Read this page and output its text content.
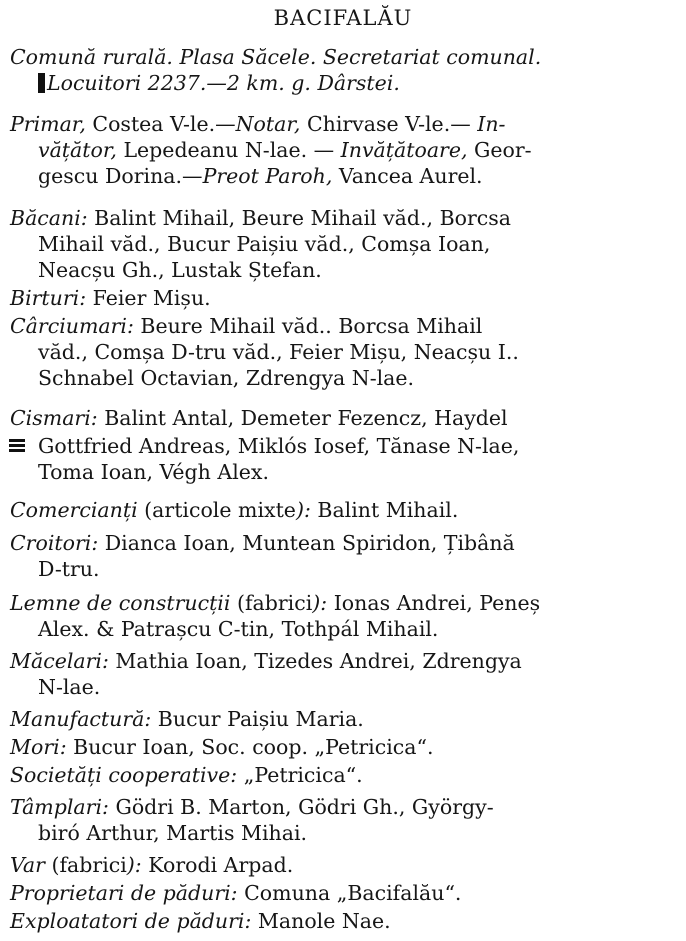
BACIFALĂU
Comună rurală. Plasa Săcele. Secretariat comunal.
Locuitori 2237.—2 km. g. Dârstei.
Primar, Costea V-le.—Notar, Chirvase V-le.— In-
vățător, Lepedeanu N-lae. — Invățătoare, Geor-
gescu Dorina.—Preot Paroh, Vancea Aurel.
Băcani: Balint Mihail, Beure Mihail văd., Borcsa
Mihail văd., Bucur Paișiu văd., Comșa Ioan,
Neacșu Gh., Lustak Ștefan.
Birturi: Feier Mișu.
Cârciumari: Beure Mihail văd.. Borcsa Mihail
văd., Comșa D-tru văd., Feier Mișu, Neacșu I..
Schnabel Octavian, Zdrengya N-lae.
Cismari: Balint Antal, Demeter Fezencz, Haydel
Gottfried Andreas, Miklós Iosef, Tănase N-lae,
Toma Ioan, Végh Alex.
Comercianți (articole mixte): Balint Mihail.
Croitori: Dianca Ioan, Muntean Spiridon, Țibână
D-tru.
Lemne de construcții (fabrici): Ionas Andrei, Peneș
Alex. & Patrașcu C-tin, Tothpál Mihail.
Măcelari: Mathia Ioan, Tizedes Andrei, Zdrengya
N-lae.
Manufactură: Bucur Paișiu Maria.
Mori: Bucur Ioan, Soc. coop. „Petricica“.
Societăți cooperative: „Petricica“.
Tâmplari: Gödri B. Marton, Gödri Gh., György-
biró Arthur, Martis Mihai.
Var (fabrici): Korodi Arpad.
Proprietari de păduri: Comuna „Bacifalău“.
Exploatatori de păduri: Manole Nae.
